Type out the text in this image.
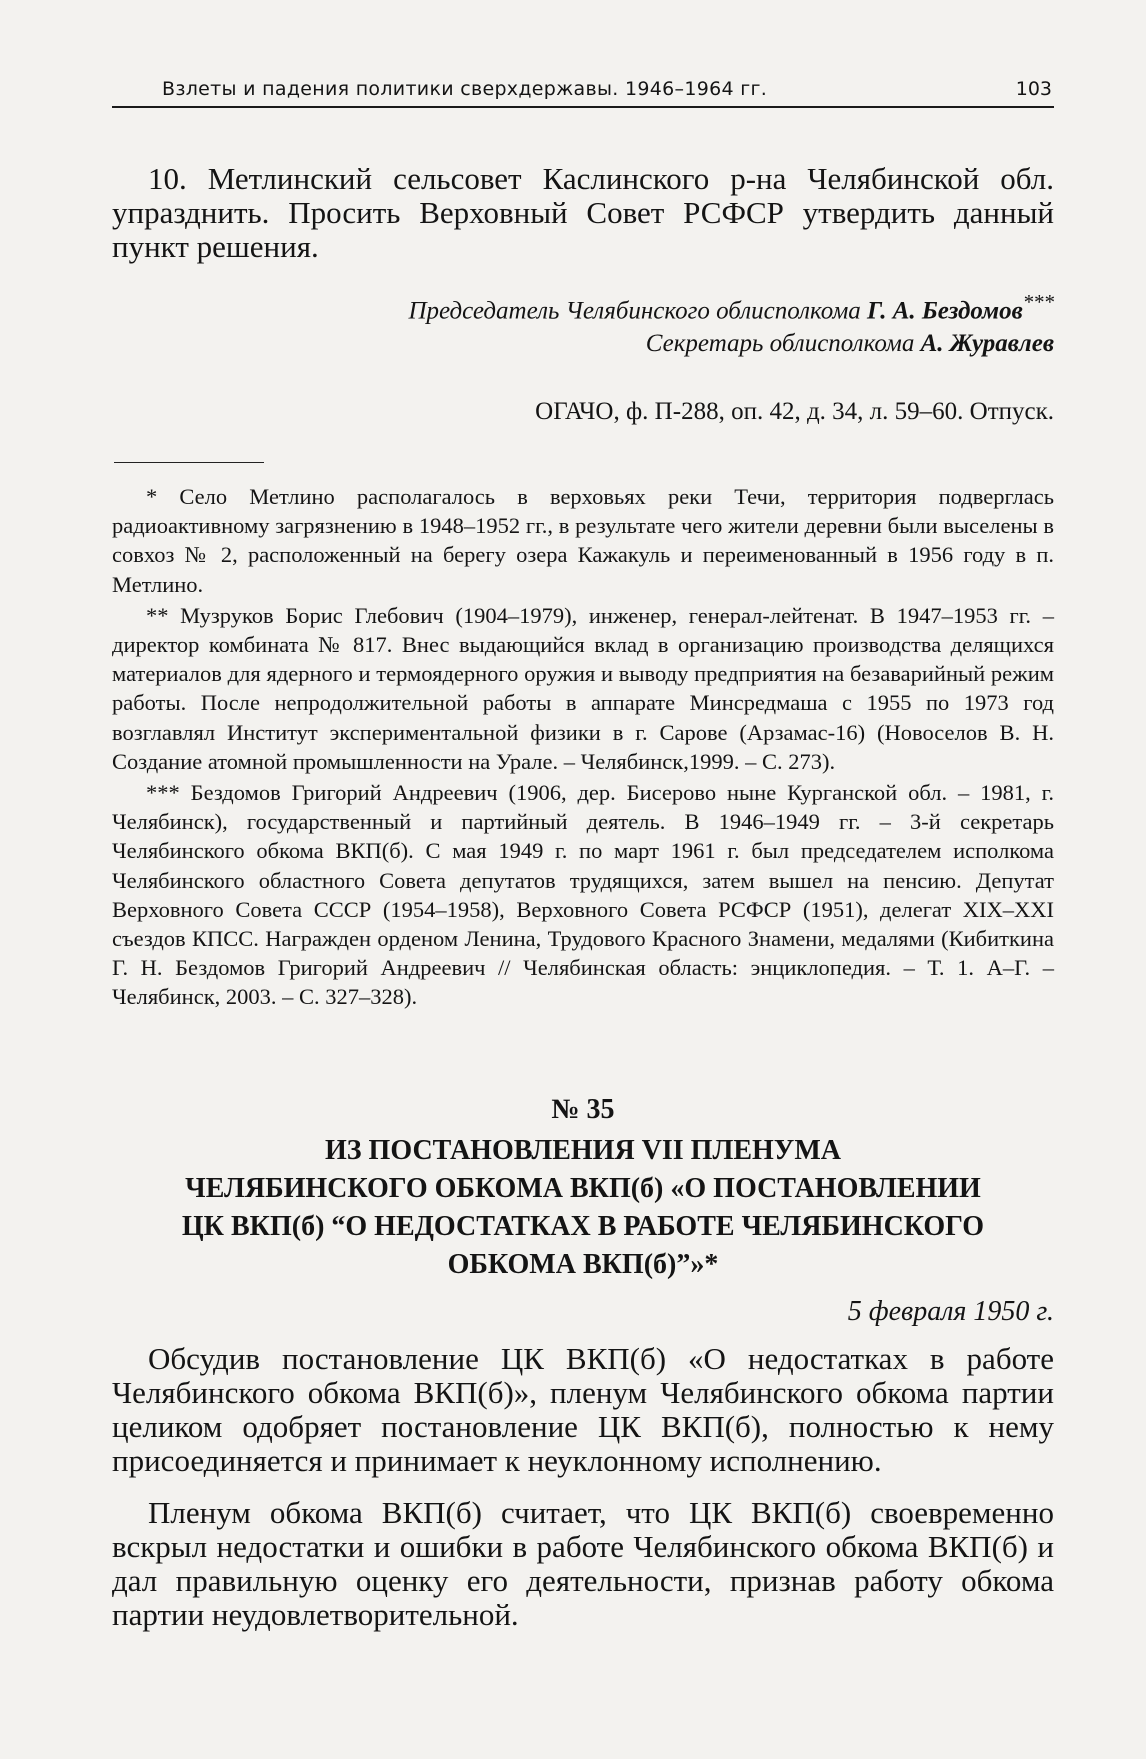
Взлеты и падения политики сверхдержавы. 1946–1964 гг.	103

10. Метлинский сельсовет Каслинского р-на Челябинской обл. упразднить. Просить Верховный Совет РСФСР утвердить данный пункт решения.

Председатель Челябинского облисполкома Г. А. Бездомов***
Секретарь облисполкома А. Журавлев
ОГАЧО, ф. П-288, оп. 42, д. 34, л. 59–60. Отпуск.

* Село Метлино располагалось в верховьях реки Течи, территория подверглась радиоактивному загрязнению в 1948–1952 гг., в результате чего жители деревни были выселены в совхоз № 2, расположенный на берегу озера Кажакуль и переименованный в 1956 году в п. Метлино.

** Музруков Борис Глебович (1904–1979), инженер, генерал-лейтенат. В 1947–1953 гг. – директор комбината № 817. Внес выдающийся вклад в организацию производства делящихся материалов для ядерного и термоядерного оружия и выводу предприятия на безаварийный режим работы. После непродолжительной работы в аппарате Минсредмаша с 1955 по 1973 год возглавлял Институт экспериментальной физики в г. Сарове (Арзамас-16) (Новоселов В. Н. Создание атомной промышленности на Урале. – Челябинск,1999. – С. 273).

*** Бездомов Григорий Андреевич (1906, дер. Бисерово ныне Курганской обл. – 1981, г. Челябинск), государственный и партийный деятель. В 1946–1949 гг. – 3-й секретарь Челябинского обкома ВКП(б). С мая 1949 г. по март 1961 г. был председателем исполкома Челябинского областного Совета депутатов трудящихся, затем вышел на пенсию. Депутат Верховного Совета СССР (1954–1958), Верховного Совета РСФСР (1951), делегат XIX–XXI съездов КПСС. Награжден орденом Ленина, Трудового Красного Знамени, медалями (Кибиткина Г. Н. Бездомов Григорий Андреевич // Челябинская область: энциклопедия. – Т. 1. А–Г. – Челябинск, 2003. – С. 327–328).

№ 35
ИЗ ПОСТАНОВЛЕНИЯ VII ПЛЕНУМА
ЧЕЛЯБИНСКОГО ОБКОМА ВКП(б) «О ПОСТАНОВЛЕНИИ
ЦК ВКП(б) “О НЕДОСТАТКАХ В РАБОТЕ ЧЕЛЯБИНСКОГО
ОБКОМА ВКП(б)”»*
5 февраля 1950 г.

Обсудив постановление ЦК ВКП(б) «О недостатках в работе Челябинского обкома ВКП(б)», пленум Челябинского обкома партии целиком одобряет постановление ЦК ВКП(б), полностью к нему присоединяется и принимает к неуклонному исполнению.

Пленум обкома ВКП(б) считает, что ЦК ВКП(б) своевременно вскрыл недостатки и ошибки в работе Челябинского обкома ВКП(б) и дал правильную оценку его деятельности, признав работу обкома партии неудовлетворительной.
